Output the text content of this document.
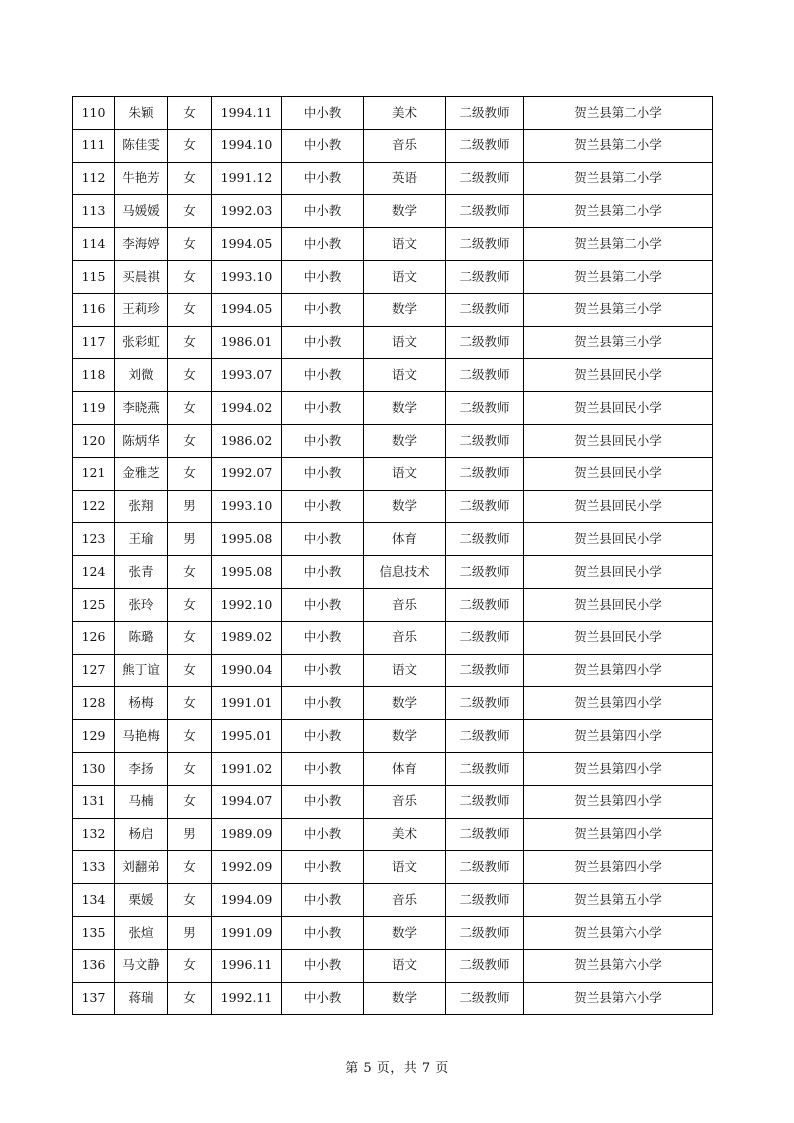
110	朱颖	女	1994.11	中小教	美术	二级教师	贺兰县第二小学
111	陈佳雯	女	1994.10	中小教	音乐	二级教师	贺兰县第二小学
112	牛艳芳	女	1991.12	中小教	英语	二级教师	贺兰县第二小学
113	马媛媛	女	1992.03	中小教	数学	二级教师	贺兰县第二小学
114	李海婷	女	1994.05	中小教	语文	二级教师	贺兰县第二小学
115	买晨祺	女	1993.10	中小教	语文	二级教师	贺兰县第二小学
116	王莉珍	女	1994.05	中小教	数学	二级教师	贺兰县第三小学
117	张彩虹	女	1986.01	中小教	语文	二级教师	贺兰县第三小学
118	刘微	女	1993.07	中小教	语文	二级教师	贺兰县回民小学
119	李晓燕	女	1994.02	中小教	数学	二级教师	贺兰县回民小学
120	陈炳华	女	1986.02	中小教	数学	二级教师	贺兰县回民小学
121	金雅芝	女	1992.07	中小教	语文	二级教师	贺兰县回民小学
122	张翔	男	1993.10	中小教	数学	二级教师	贺兰县回民小学
123	王瑜	男	1995.08	中小教	体育	二级教师	贺兰县回民小学
124	张青	女	1995.08	中小教	信息技术	二级教师	贺兰县回民小学
125	张玲	女	1992.10	中小教	音乐	二级教师	贺兰县回民小学
126	陈璐	女	1989.02	中小教	音乐	二级教师	贺兰县回民小学
127	熊丁谊	女	1990.04	中小教	语文	二级教师	贺兰县第四小学
128	杨梅	女	1991.01	中小教	数学	二级教师	贺兰县第四小学
129	马艳梅	女	1995.01	中小教	数学	二级教师	贺兰县第四小学
130	李扬	女	1991.02	中小教	体育	二级教师	贺兰县第四小学
131	马楠	女	1994.07	中小教	音乐	二级教师	贺兰县第四小学
132	杨启	男	1989.09	中小教	美术	二级教师	贺兰县第四小学
133	刘翻弟	女	1992.09	中小教	语文	二级教师	贺兰县第四小学
134	栗媛	女	1994.09	中小教	音乐	二级教师	贺兰县第五小学
135	张煊	男	1991.09	中小教	数学	二级教师	贺兰县第六小学
136	马文静	女	1996.11	中小教	语文	二级教师	贺兰县第六小学
137	蒋瑞	女	1992.11	中小教	数学	二级教师	贺兰县第六小学
第 5 页，共 7 页
